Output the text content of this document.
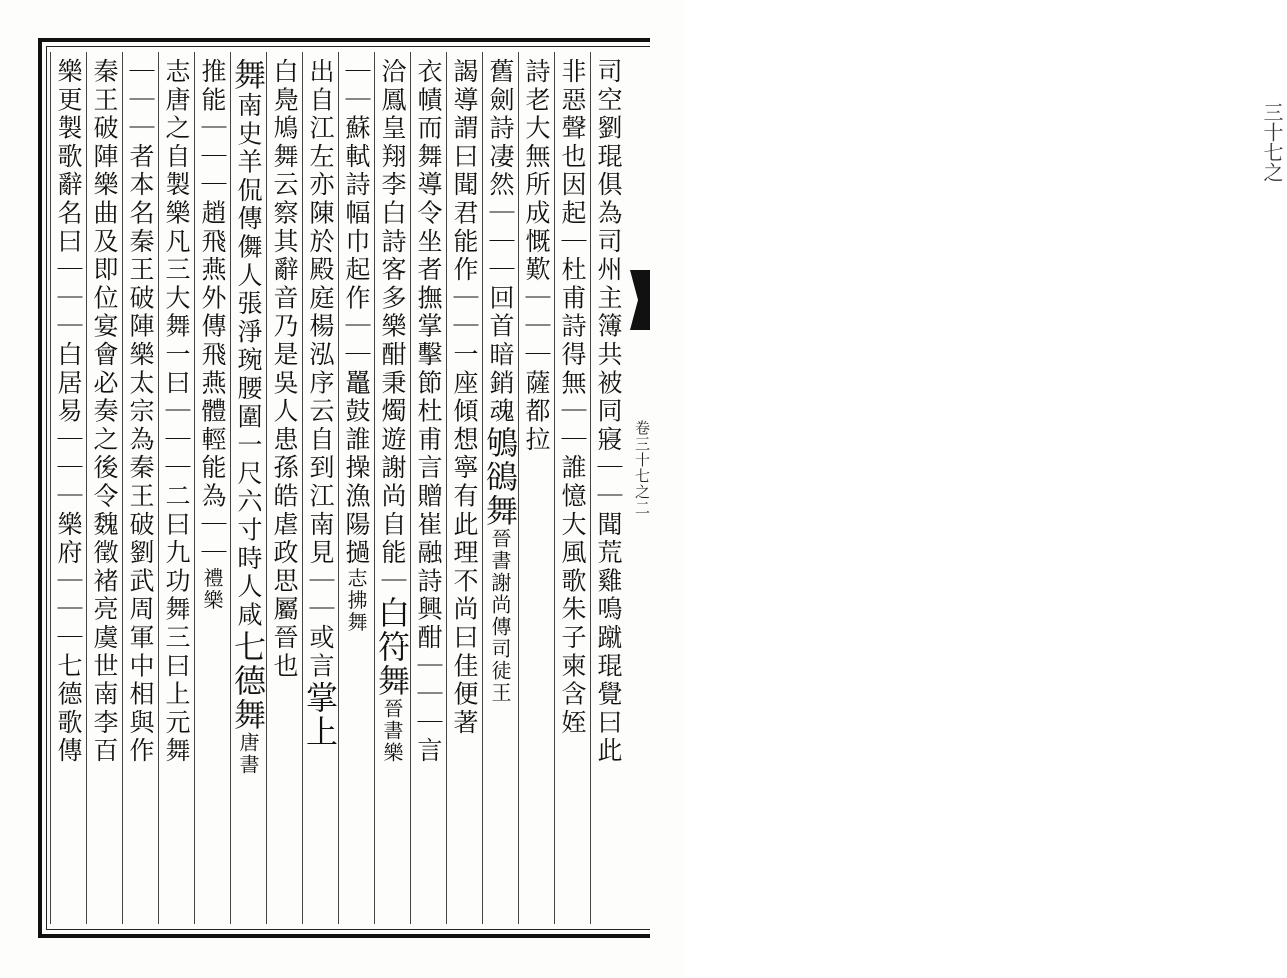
三十七之
卷三十七之二
司空劉琨俱為司州主簿共被同寢｜｜聞荒雞鳴蹴琨覺曰此
非惡聲也因起｜杜甫詩得無｜｜誰憶大風歌朱子柬含姪
詩老大無所成慨歎｜｜｜薩都拉
舊劍詩凄然｜｜｜回首暗銷魂鴝鵒舞晉書謝尚傳司徒王
謁導謂曰聞君能作｜｜一座傾想寧有此理不尚曰佳便著
衣幘而舞導令坐者撫掌擊節杜甫言贈崔融詩興酣｜｜｜言
洽鳳皇翔李白詩客多樂酣秉燭遊謝尚自能｜白符舞晉書樂
｜｜蘇軾詩幅巾起作｜｜鼉鼓誰操漁陽撾志拂舞
出自江左亦陳於殿庭楊泓序云自到江南見｜｜或言掌上
白鳧鳩舞云察其辭音乃是吳人患孫皓虐政思屬晉也
舞南史羊侃傳儛人張淨琬腰圍一尺六寸時人咸七德舞唐書
推能｜｜｜趙飛燕外傳飛燕體輕能為｜｜禮樂
志唐之自製樂凡三大舞一曰｜｜｜二曰九功舞三曰上元舞
｜｜｜者本名秦王破陣樂太宗為秦王破劉武周軍中相與作
秦王破陣樂曲及即位宴會必奏之後令魏徵褚亮虞世南李百
樂更製歌辭名曰｜｜｜白居易｜｜｜樂府｜｜｜七德歌傳
